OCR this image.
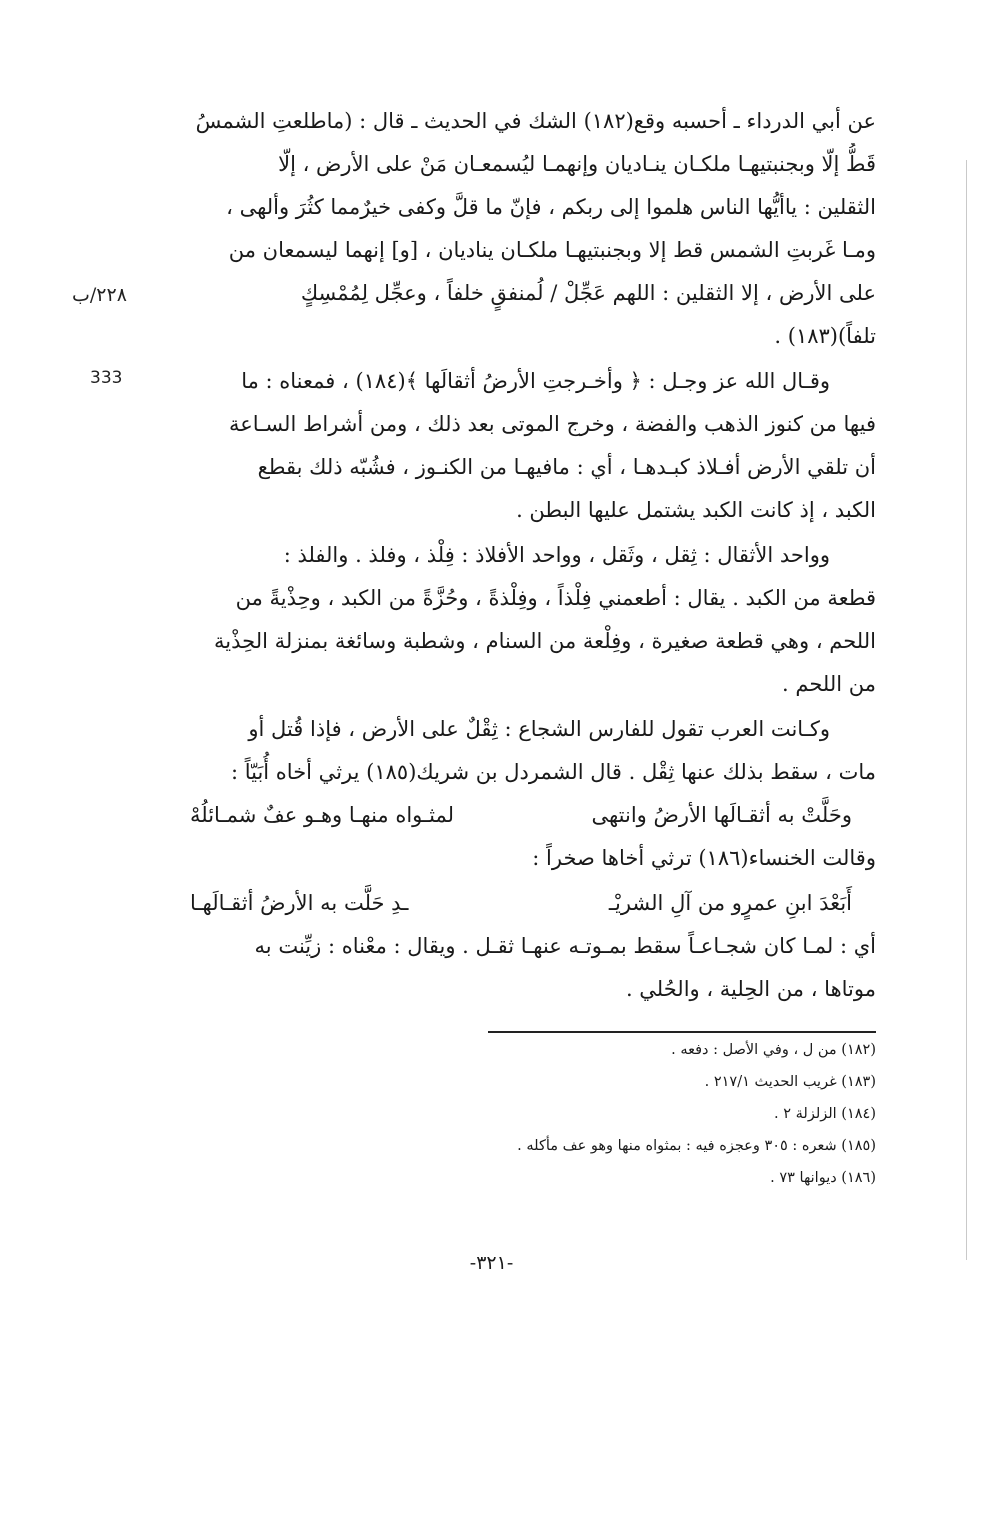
عن أبي الدرداء ـ أحسبه وقع(١٨٢) الشك في الحديث ـ قال : (ماطلعتِ الشمسُ
قَطُّ إلّا وبجنبتيهـا ملكـان ينـاديان وإنهمـا ليُسمعـان مَنْ على الأرض ، إلّا
الثقلين : ياأيُّها الناس هلموا إلى ربكم ، فإنّ ما قلَّ وكفى خيرٌمما كثُرَ وألهى ،
ومـا غَربتِ الشمس قط إلا وبجنبتيهـا ملكـان يناديان ، [و] إنهما ليسمعان من
على الأرض ، إلا الثقلين : اللهم عَجِّلْ / لُمنفقٍ خلفاً ، وعجِّل لِمُمْسِكٍ
تلفاً)(١٨٣) .
وقـال الله عز وجـل : ﴿ وأخـرجتِ الأرضُ أثقالَها ﴾(١٨٤) ، فمعناه : ما
فيها من كنوز الذهب والفضة ، وخرج الموتى بعد ذلك ، ومن أشراط السـاعة
أن تلقي الأرض أفـلاذ كبـدهـا ، أي : مافيهـا من الكنـوز ، فشُبّه ذلك بقطع
الكبد ، إذ كانت الكبد يشتمل عليها البطن .
وواحد الأثقال : ثِقل ، وثَقل ، وواحد الأفلاذ : فِلْذ ، وفلذ . والفلذ :
قطعة من الكبد . يقال : أطعمني فِلْذاً ، وفِلْذةً ، وحُزَّةً من الكبد ، وحِذْيةً من
اللحم ، وهي قطعة صغيرة ، وفِلْعة من السنام ، وشطبة وسائغة بمنزلة الحِذْية
من اللحم .
وكـانت العرب تقول للفارس الشجاع : ثِقْلٌ على الأرض ، فإذا قُتل أو
مات ، سقط بذلك عنها ثِقْل . قال الشمردل بن شريك(١٨٥) يرثي أخاه أُبَيّاً :
وحَلَّتْ به أثقـالَها الأرضُ وانتهى
لمثـواه منهـا وهـو عفٌ شمـائلُهْ
وقالت الخنساء(١٨٦) ترثي أخاها صخراً :
أَبَعْدَ ابنِ عمرٍو من آلِ الشريْـ
ـدِ حَلَّت به الأرضُ أثقـالَهـا
أي : لمـا كان شجـاعـاً سقط بمـوتـه عنهـا ثقـل . ويقال : معْناه : زيِّنت به
موتاها ، من الحِلية ، والحُلي .
٢٢٨/ب
333
(١٨٢) من ل ، وفي الأصل : دفعه .
(١٨٣) غريب الحديث ٢١٧/١ .
(١٨٤) الزلزلة ٢ .
(١٨٥) شعره : ٣٠٥ وعجزه فيه : بمثواه منها وهو عف مأكله .
(١٨٦) ديوانها ٧٣ .
-٣٢١-
